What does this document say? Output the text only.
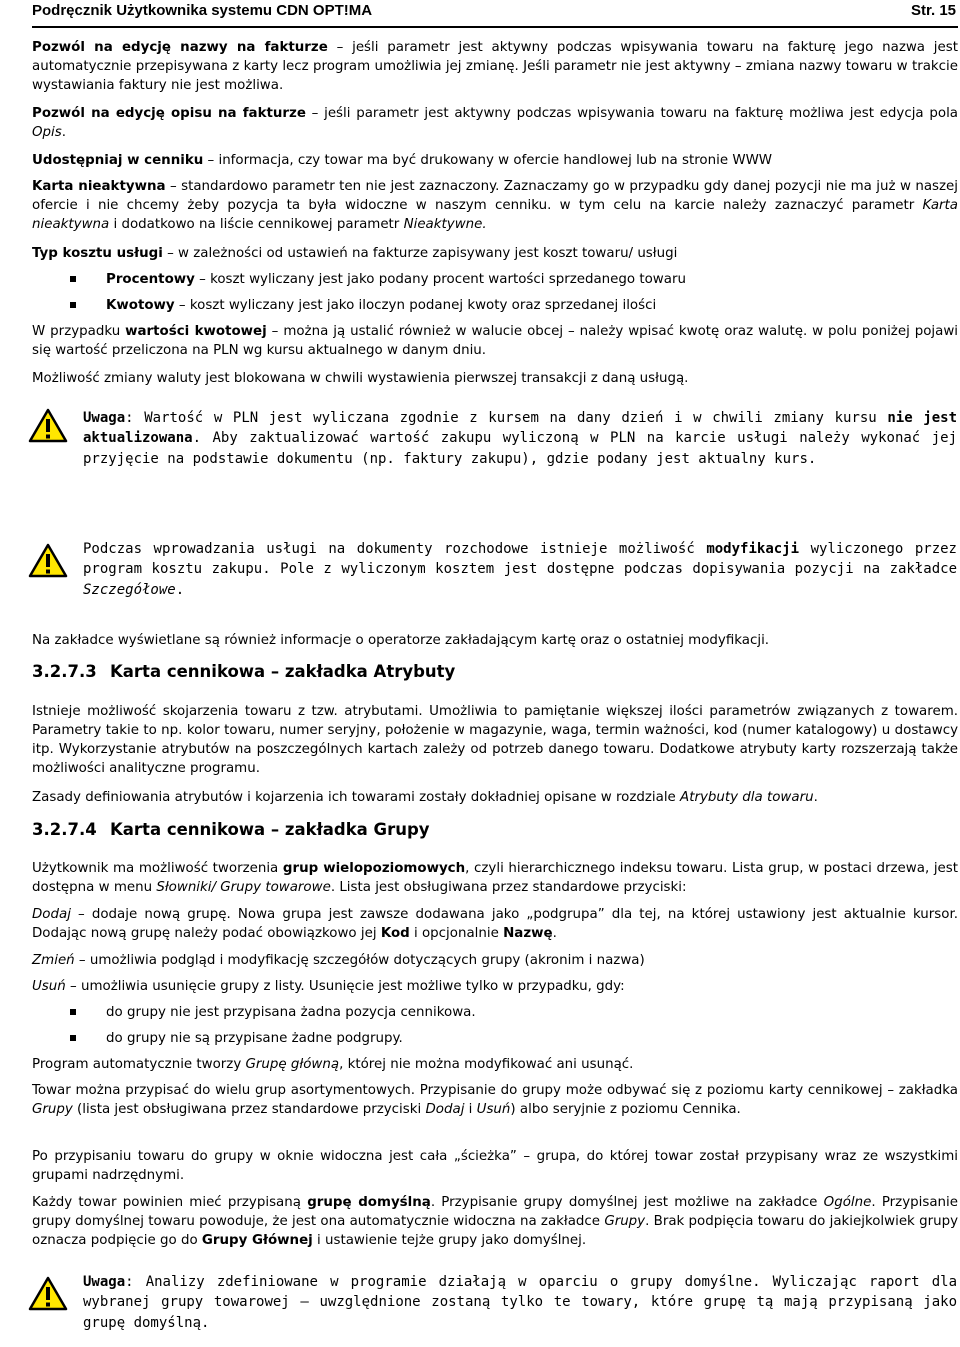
Podręcznik Użytkownika systemu CDN OPT!MA	Str. 15

Pozwól na edycję nazwy na fakturze – jeśli parametr jest aktywny podczas wpisywania towaru na fakturę jego nazwa jest automatycznie przepisywana z karty lecz program umożliwia jej zmianę. Jeśli parametr nie jest aktywny – zmiana nazwy towaru w trakcie wystawiania faktury nie jest możliwa.

Pozwól na edycję opisu na fakturze – jeśli parametr jest aktywny podczas wpisywania towaru na fakturę możliwa jest edycja pola Opis.

Udostępniaj w cenniku – informacja, czy towar ma być drukowany w ofercie handlowej lub na stronie WWW

Karta nieaktywna – standardowo parametr ten nie jest zaznaczony. Zaznaczamy go w przypadku gdy danej pozycji nie ma już w naszej ofercie i nie chcemy żeby pozycja ta była widoczne w naszym cenniku. w tym celu na karcie należy zaznaczyć parametr Karta nieaktywna i dodatkowo na liście cennikowej parametr Nieaktywne.

Typ kosztu usługi – w zależności od ustawień na fakturze zapisywany jest koszt towaru/ usługi

Procentowy – koszt wyliczany jest jako podany procent wartości sprzedanego towaru
Kwotowy – koszt wyliczany jest jako iloczyn podanej kwoty oraz sprzedanej ilości

W przypadku wartości kwotowej – można ją ustalić również w walucie obcej – należy wpisać kwotę oraz walutę. w polu poniżej pojawi się wartość przeliczona na PLN wg kursu aktualnego w danym dniu.

Możliwość zmiany waluty jest blokowana w chwili wystawienia pierwszej transakcji z daną usługą.

Uwaga: Wartość w PLN jest wyliczana zgodnie z kursem na dany dzień i w chwili zmiany kursu nie jest aktualizowana. Aby zaktualizować wartość zakupu wyliczoną w PLN na karcie usługi należy wykonać jej przyjęcie na podstawie dokumentu (np. faktury zakupu), gdzie podany jest aktualny kurs.

Podczas wprowadzania usługi na dokumenty rozchodowe istnieje możliwość modyfikacji wyliczonego przez program kosztu zakupu. Pole z wyliczonym kosztem jest dostępne podczas dopisywania pozycji na zakładce Szczegółowe.

Na zakładce wyświetlane są również informacje o operatorze zakładającym kartę oraz o ostatniej modyfikacji.

3.2.7.3 Karta cennikowa – zakładka Atrybuty

Istnieje możliwość skojarzenia towaru z tzw. atrybutami. Umożliwia to pamiętanie większej ilości parametrów związanych z towarem. Parametry takie to np. kolor towaru, numer seryjny, położenie w magazynie, waga, termin ważności, kod (numer katalogowy) u dostawcy itp. Wykorzystanie atrybutów na poszczególnych kartach zależy od potrzeb danego towaru. Dodatkowe atrybuty karty rozszerzają także możliwości analityczne programu.

Zasady definiowania atrybutów i kojarzenia ich towarami zostały dokładniej opisane w rozdziale Atrybuty dla towaru.

3.2.7.4 Karta cennikowa – zakładka Grupy

Użytkownik ma możliwość tworzenia grup wielopoziomowych, czyli hierarchicznego indeksu towaru. Lista grup, w postaci drzewa, jest dostępna w menu Słowniki/ Grupy towarowe. Lista jest obsługiwana przez standardowe przyciski:

Dodaj – dodaje nową grupę. Nowa grupa jest zawsze dodawana jako „podgrupa” dla tej, na której ustawiony jest aktualnie kursor. Dodając nową grupę należy podać obowiązkowo jej Kod i opcjonalnie Nazwę.

Zmień – umożliwia podgląd i modyfikację szczegółów dotyczących grupy (akronim i nazwa)

Usuń – umożliwia usunięcie grupy z listy. Usunięcie jest możliwe tylko w przypadku, gdy:

do grupy nie jest przypisana żadna pozycja cennikowa.
do grupy nie są przypisane żadne podgrupy.

Program automatycznie tworzy Grupę główną, której nie można modyfikować ani usunąć.

Towar można przypisać do wielu grup asortymentowych. Przypisanie do grupy może odbywać się z poziomu karty cennikowej – zakładka Grupy (lista jest obsługiwana przez standardowe przyciski Dodaj i Usuń) albo seryjnie z poziomu Cennika.

Po przypisaniu towaru do grupy w oknie widoczna jest cała „ścieżka” – grupa, do której towar został przypisany wraz ze wszystkimi grupami nadrzędnymi.

Każdy towar powinien mieć przypisaną grupę domyślną. Przypisanie grupy domyślnej jest możliwe na zakładce Ogólne. Przypisanie grupy domyślnej towaru powoduje, że jest ona automatycznie widoczna na zakładce Grupy. Brak podpięcia towaru do jakiejkolwiek grupy oznacza podpięcie go do Grupy Głównej i ustawienie tejże grupy jako domyślnej.

Uwaga: Analizy zdefiniowane w programie działają w oparciu o grupy domyślne. Wyliczając raport dla wybranej grupy towarowej – uwzględnione zostaną tylko te towary, które grupę tą mają przypisaną jako grupę domyślną.
